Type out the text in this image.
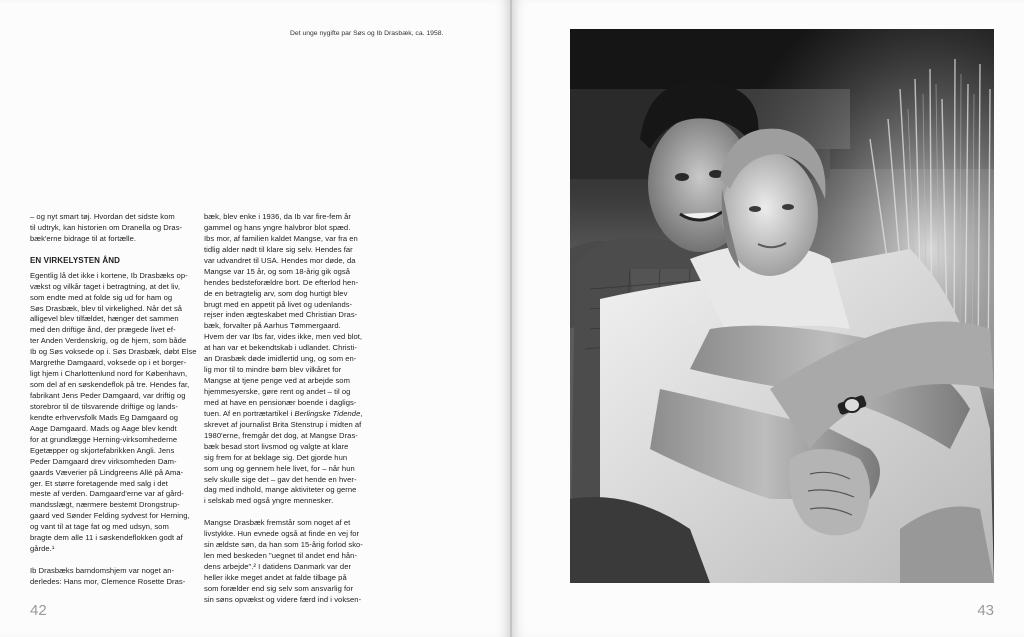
– og nyt smart tøj. Hvordan det sidste kom
til udtryk, kan historien om Dranella og Dras-
bæk'erne bidrage til at fortælle.
EN VIRKELYSTEN ÅND
Egentlig lå det ikke i kortene, Ib Drasbæks op-
vækst og vilkår taget i betragtning, at det liv,
som endte med at folde sig ud for ham og
Søs Drasbæk, blev til virkelighed. Når det så
alligevel blev tilfældet, hænger det sammen
med den driftige ånd, der prægede livet ef-
ter Anden Verdenskrig, og de hjem, som både
Ib og Søs voksede op i. Søs Drasbæk, døbt Else
Margrethe Damgaard, voksede op i et borger-
ligt hjem i Charlottenlund nord for København,
som del af en søskendeflok på tre. Hendes far,
fabrikant Jens Peder Damgaard, var driftig og
storebror til de tilsvarende driftige og lands-
kendte erhvervsfolk Mads Eg Damgaard og
Aage Damgaard. Mads og Aage blev kendt
for at grundlægge Herning-virksomhederne
Egetæpper og skjortefabrikken Angli. Jens
Peder Damgaard drev virksomheden Dam-
gaards Væverier på Lindgreens Allé på Ama-
ger. Et større foretagende med salg i det
meste af verden. Damgaard'erne var af gård-
mandsslægt, nærmere bestemt Drongstrup-
gaard ved Sønder Felding sydvest for Herning,
og vant til at tage fat og med udsyn, som
bragte dem alle 11 i søskendeflokken godt af
gårde.¹
Ib Drasbæks barndomshjem var noget an-
derledes: Hans mor, Clemence Rosette Dras-
bæk, blev enke i 1936, da Ib var fire-fem år
gammel og hans yngre halvbror blot spæd.
Ibs mor, af familien kaldet Mangse, var fra en
tidlig alder nødt til klare sig selv. Hendes far
var udvandret til USA. Hendes mor døde, da
Mangse var 15 år, og som 18-årig gik også
hendes bedsteforældre bort. De efterlod hen-
de en betragtelig arv, som dog hurtigt blev
brugt med en appetit på livet og udenlands-
rejser inden ægteskabet med Christian Dras-
bæk, forvalter på Aarhus Tømmergaard.
Hvem der var Ibs far, vides ikke, men ved blot,
at han var et bekendtskab i udlandet. Christi-
an Drasbæk døde imidlertid ung, og som en-
lig mor til to mindre børn blev vilkåret for
Mangse at tjene penge ved at arbejde som
hjemmesyerske, gøre rent og andet – til og
med at have en pensionær boende i dagligs-
tuen. Af en portrætartikel i Berlingske Tidende,
skrevet af journalist Brita Stenstrup i midten af
1980'erne, fremgår det dog, at Mangse Dras-
bæk besad stort livsmod og valgte at klare
sig frem for at beklage sig. Det gjorde hun
som ung og gennem hele livet, for – når hun
selv skulle sige det – gav det hende en hver-
dag med indhold, mange aktiviteter og gerne
i selskab med også yngre mennesker.
Mangse Drasbæk fremstår som noget af et
livstykke. Hun evnede også at finde en vej for
sin ældste søn, da han som 15-årig forlod sko-
len med beskeden "uegnet til andet end hån-
dens arbejde".² I datidens Danmark var der
heller ikke meget andet at falde tilbage på
som forælder end sig selv som ansvarlig for
sin søns opvækst og videre færd ind i voksen-
42
Det unge nygifte par Søs og Ib Drasbæk, ca. 1958.
43
